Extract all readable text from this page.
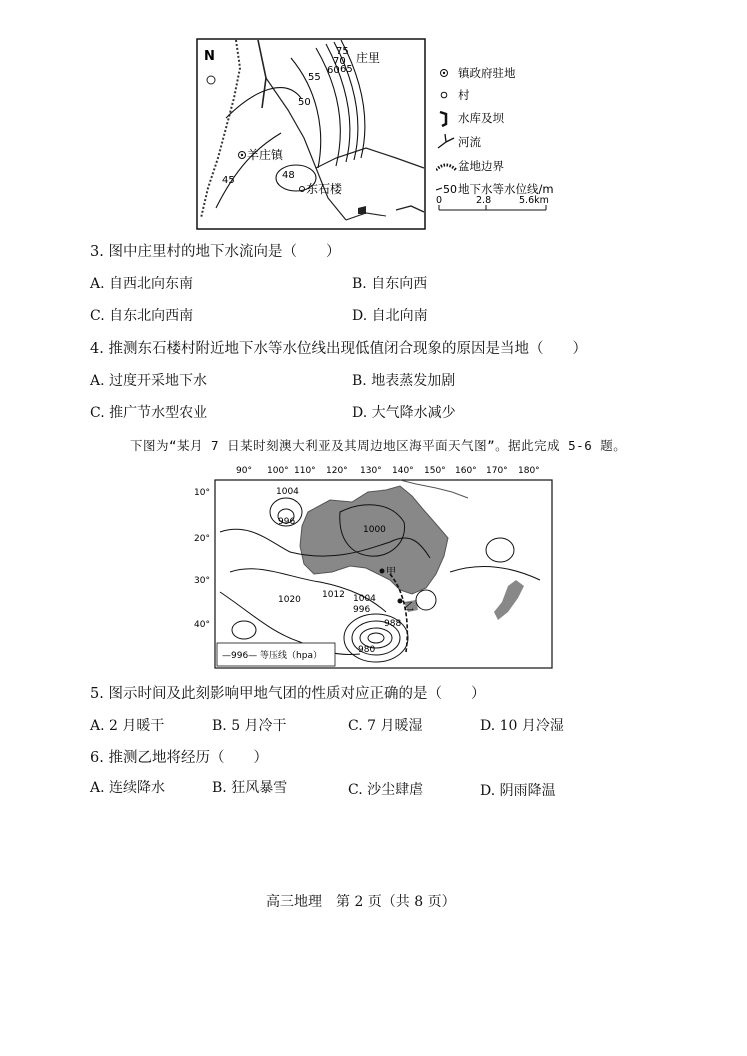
N	75
70
65
60
55
50
48
45
庄里
羊庄镇
东石楼
镇政府驻地
村
水库及坝
河流
盆地边界
50 地下水等水位线/m
0	2.8	5.6km
3. 图中庄里村的地下水流向是（　　）
A. 自西北向东南	B. 自东向西
C. 自东北向西南	D. 自北向南
4. 推测东石楼村附近地下水等水位线出现低值闭合现象的原因是当地（　　）
A. 过度开采地下水	B. 地表蒸发加剧
C. 推广节水型农业	D. 大气降水减少
下图为“某月 7 日某时刻澳大利亚及其周边地区海平面天气图”。据此完成 5-6 题。
90° 100° 110° 120° 130° 140° 150° 160° 170° 180°
10°
20°
30°
40°
1004
996
1000
1020 1012 1004
996
988
980
甲
乙
—996— 等压线（hpa）
5. 图示时间及此刻影响甲地气团的性质对应正确的是（　　）
A. 2 月暖干	B. 5 月冷干	C. 7 月暖湿	D. 10 月冷湿
6. 推测乙地将经历（　　）
A. 连续降水	B. 狂风暴雪	C. 沙尘肆虐	D. 阴雨降温
高三地理　第 2 页（共 8 页）
